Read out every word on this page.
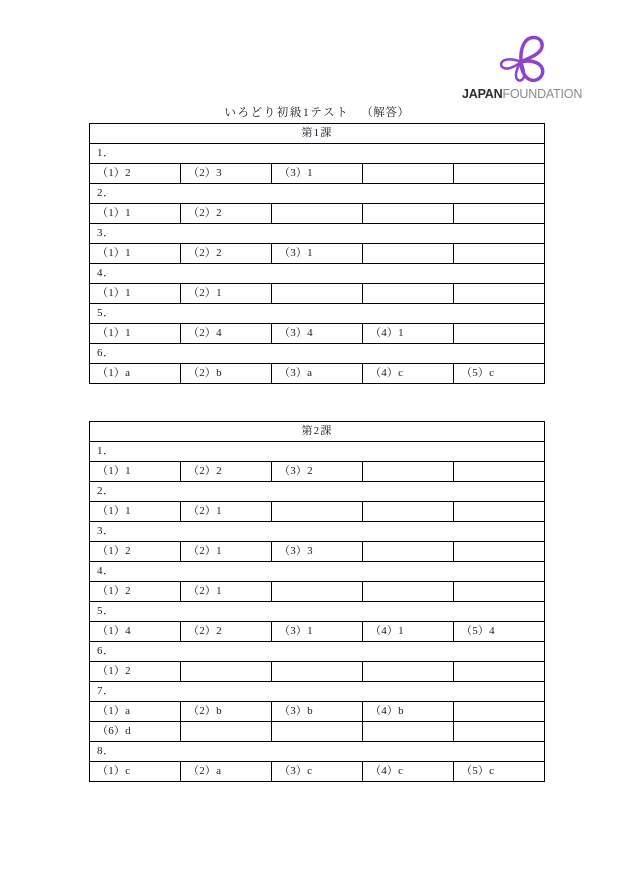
JAPANFOUNDATION
いろどり初級1テスト （解答）
第1課				
1．				
（1）2	（2）3	（3）1		
2．				
（1）1	（2）2			
3．				
（1）1	（2）2	（3）1		
4．				
（1）1	（2）1			
5．				
（1）1	（2）4	（3）4	（4）1	
6．				
（1）a	（2）b	（3）a	（4）c	（5）c
第2課				
1．				
（1）1	（2）2	（3）2		
2．				
（1）1	（2）1			
3．				
（1）2	（2）1	（3）3		
4．				
（1）2	（2）1			
5．				
（1）4	（2）2	（3）1	（4）1	（5）4
6．				
（1）2				
7．				
（1）a	（2）b	（3）b	（4）b	
（6）d				
8．				
（1）c	（2）a	（3）c	（4）c	（5）c
